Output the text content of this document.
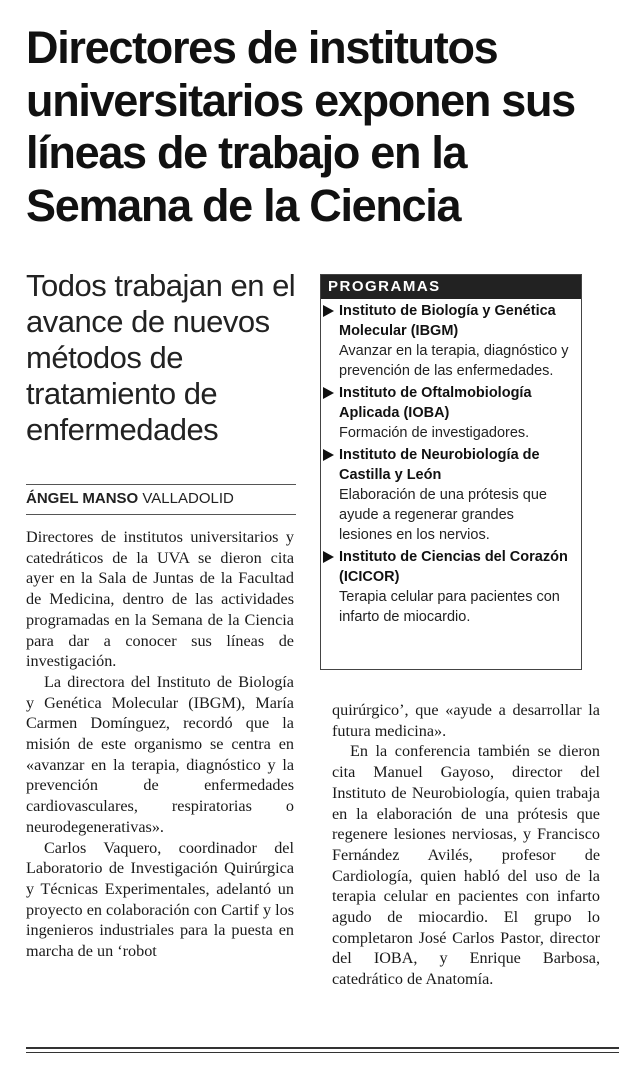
Directores de institutos universitarios exponen sus líneas de trabajo en la Semana de la Ciencia
Todos trabajan en el avance de nuevos métodos de tratamiento de enfermedades
ÁNGEL MANSO VALLADOLID
PROGRAMAS
Instituto de Biología y Genética Molecular (IBGM)
Avanzar en la terapia, diagnóstico y prevención de las enfermedades.
Instituto de Oftalmobiología Aplicada (IOBA)
Formación de investigadores.
Instituto de Neurobiología de Castilla y León
Elaboración de una prótesis que ayude a regenerar grandes lesiones en los nervios.
Instituto de Ciencias del Corazón (ICICOR)
Terapia celular para pacientes con infarto de miocardio.

Directores de institutos universitarios y catedráticos de la UVA se dieron cita ayer en la Sala de Juntas de la Facultad de Medicina, dentro de las actividades programadas en la Semana de la Ciencia para dar a conocer sus líneas de investigación.

La directora del Instituto de Biología y Genética Molecular (IBGM), María Carmen Domínguez, recordó que la misión de este organismo se centra en «avanzar en la terapia, diagnóstico y la prevención de enfermedades cardiovasculares, respiratorias o neurodegenerativas».

Carlos Vaquero, coordinador del Laboratorio de Investigación Quirúrgica y Técnicas Experimentales, adelantó un proyecto en colaboración con Cartif y los ingenieros industriales para la puesta en marcha de un ‘robot

quirúrgico’, que «ayude a desarrollar la futura medicina».

En la conferencia también se dieron cita Manuel Gayoso, director del Instituto de Neurobiología, quien trabaja en la elaboración de una prótesis que regenere lesiones nerviosas, y Francisco Fernández Avilés, profesor de Cardiología, quien habló del uso de la terapia celular en pacientes con infarto agudo de miocardio. El grupo lo completaron José Carlos Pastor, director del IOBA, y Enrique Barbosa, catedrático de Anatomía.
